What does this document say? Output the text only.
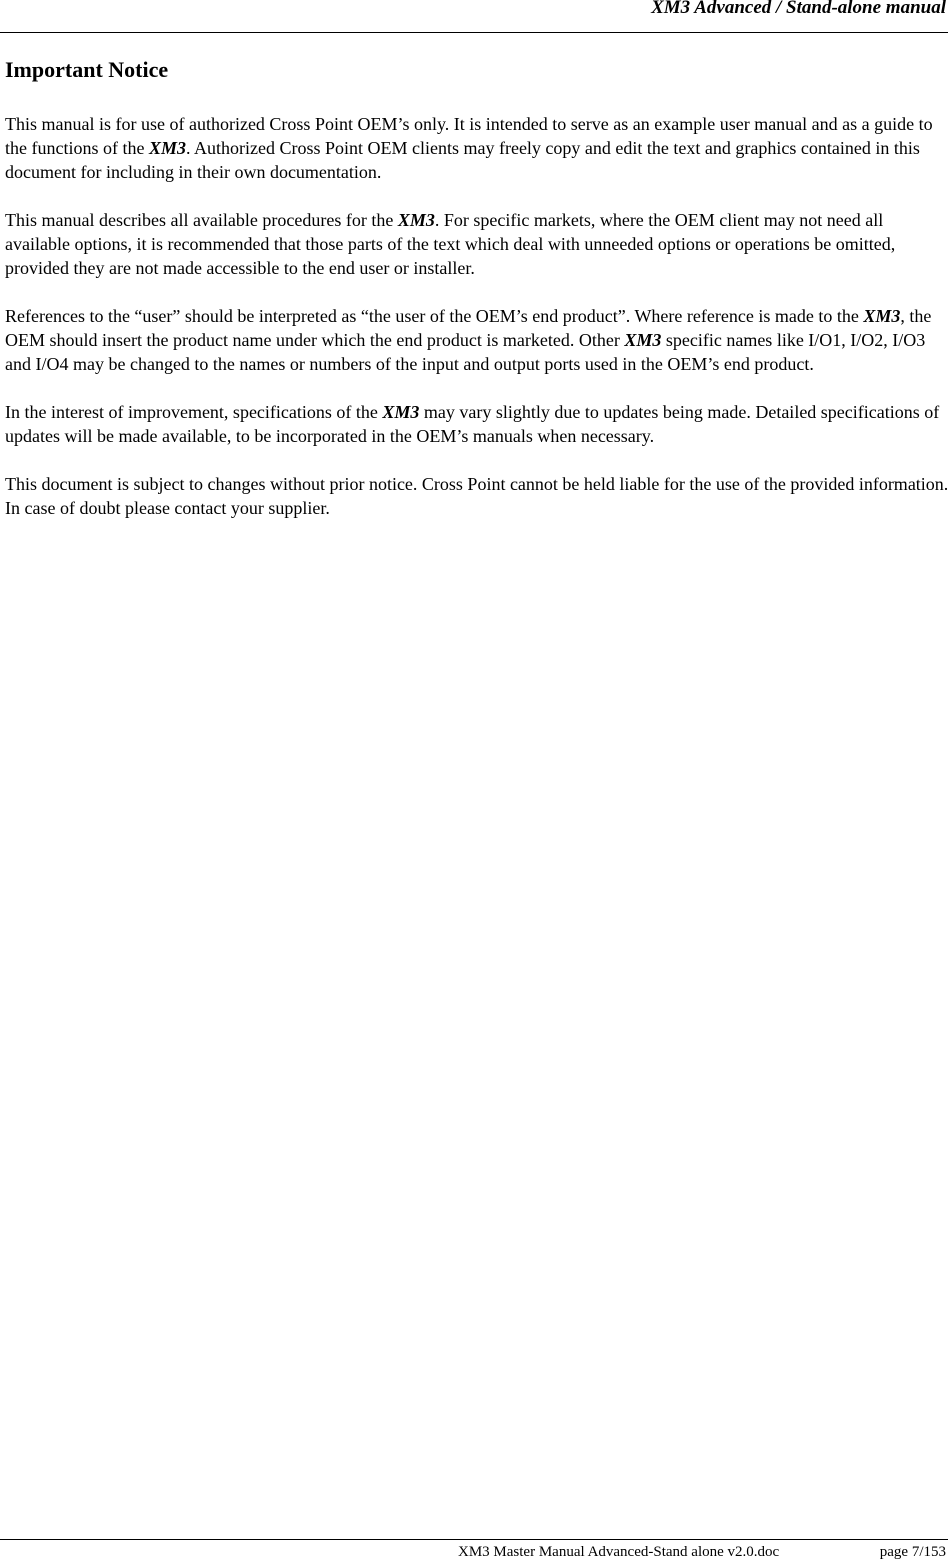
XM3 Advanced / Stand-alone manual
Important Notice

This manual is for use of authorized Cross Point OEM’s only. It is intended to serve as an example user manual and as a guide to the functions of the XM3. Authorized Cross Point OEM clients may freely copy and edit the text and graphics contained in this document for including in their own documentation.

This manual describes all available procedures for the XM3. For specific markets, where the OEM client may not need all available options, it is recommended that those parts of the text which deal with unneeded options or operations be omitted, provided they are not made accessible to the end user or installer.

References to the “user” should be interpreted as “the user of the OEM’s end product”. Where reference is made to the XM3, the OEM should insert the product name under which the end product is marketed. Other XM3 specific names like I/O1, I/O2, I/O3 and I/O4 may be changed to the names or numbers of the input and output ports used in the OEM’s end product.

In the interest of improvement, specifications of the XM3 may vary slightly due to updates being made. Detailed specifications of updates will be made available, to be incorporated in the OEM’s manuals when necessary.

This document is subject to changes without prior notice. Cross Point cannot be held liable for the use of the provided information. In case of doubt please contact your supplier.

XM3 Master Manual Advanced-Stand alone v2.0.doc	page 7/153
